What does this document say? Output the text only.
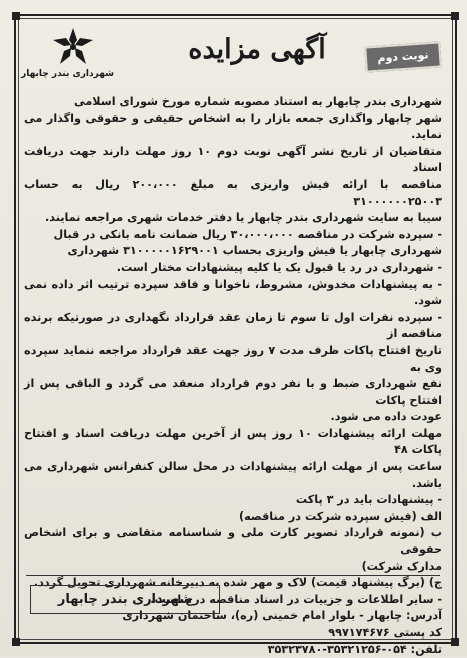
شهرداری بندر چابهار
آگهی مزایده	نوبت دوم

شهرداری بندر چابهار به استناد مصوبه شماره مورخ شورای اسلامی

شهر چابهار واگذاری جمعه بازار را به اشخاص حقیقی و حقوقی واگذار می نماید.

متقاضیان از تاریخ نشر آگهی نوبت دوم ۱۰ روز مهلت دارند جهت دریافت اسناد

مناقصه با ارائه فیش واریزی به مبلغ ۲۰۰،۰۰۰ ریال به حساب ۳۱۰۰۰۰۰۰۲۵۰۰۳

سیبا به سایت شهرداری بندر چابهار یا دفتر خدمات شهری مراجعه نمایند.

- سپرده شرکت در مناقصه ۳۰،۰۰۰،۰۰۰ ریال ضمانت نامه بانکی در قبال

شهرداری چابهار یا فیش واریزی بحساب ۳۱۰۰۰۰۰۱۶۲۹۰۰۱ شهرداری

- شهرداری در رد یا قبول یک یا کلیه پیشنهادات مختار است.

- به پیشنهادات مخدوش، مشروط، ناخوانا و فاقد سپرده ترتیب اثر داده نمی شود.

- سپرده نفرات اول تا سوم تا زمان عقد قرارداد نگهداری در صورتیکه برنده مناقصه از

تاریخ افتتاح پاکات ظرف مدت ۷ روز جهت عقد قرارداد مراجعه ننماید سپرده وی به

نفع شهرداری ضبط و با نفر دوم قرارداد منعقد می گردد و الباقی پس از افتتاح پاکات

عودت داده می شود.

مهلت ارائه پیشنهادات ۱۰ روز پس از آخرین مهلت دریافت اسناد و افتتاح پاکات ۴۸

ساعت پس از مهلت ارائه پیشنهادات در محل سالن کنفرانس شهرداری می باشد.

- پیشنهادات باید در ۳ پاکت

الف (فیش سپرده شرکت در مناقصه)

ب (نمونه قرارداد تصویر کارت ملی و شناسنامه متقاضی و برای اشخاص حقوقی

مدارک شرکت)

ج) (برگ پیشنهاد قیمت) لاک و مهر شده به دبیرخانه شهرداری تحویل گردد.

- سایر اطلاعات و جزییات در اسناد مناقصه درج است.

آدرس: چابهار - بلوار امام خمینی (ره)، ساختمان شهرداری

کد پستی ۹۹۷۱۷۴۶۷۶

تلفن: ۰۵۴-۳۵۳۲۱۲۵۶-۳۵۳۲۳۷۸۰

شهرداری بندر چابهار
